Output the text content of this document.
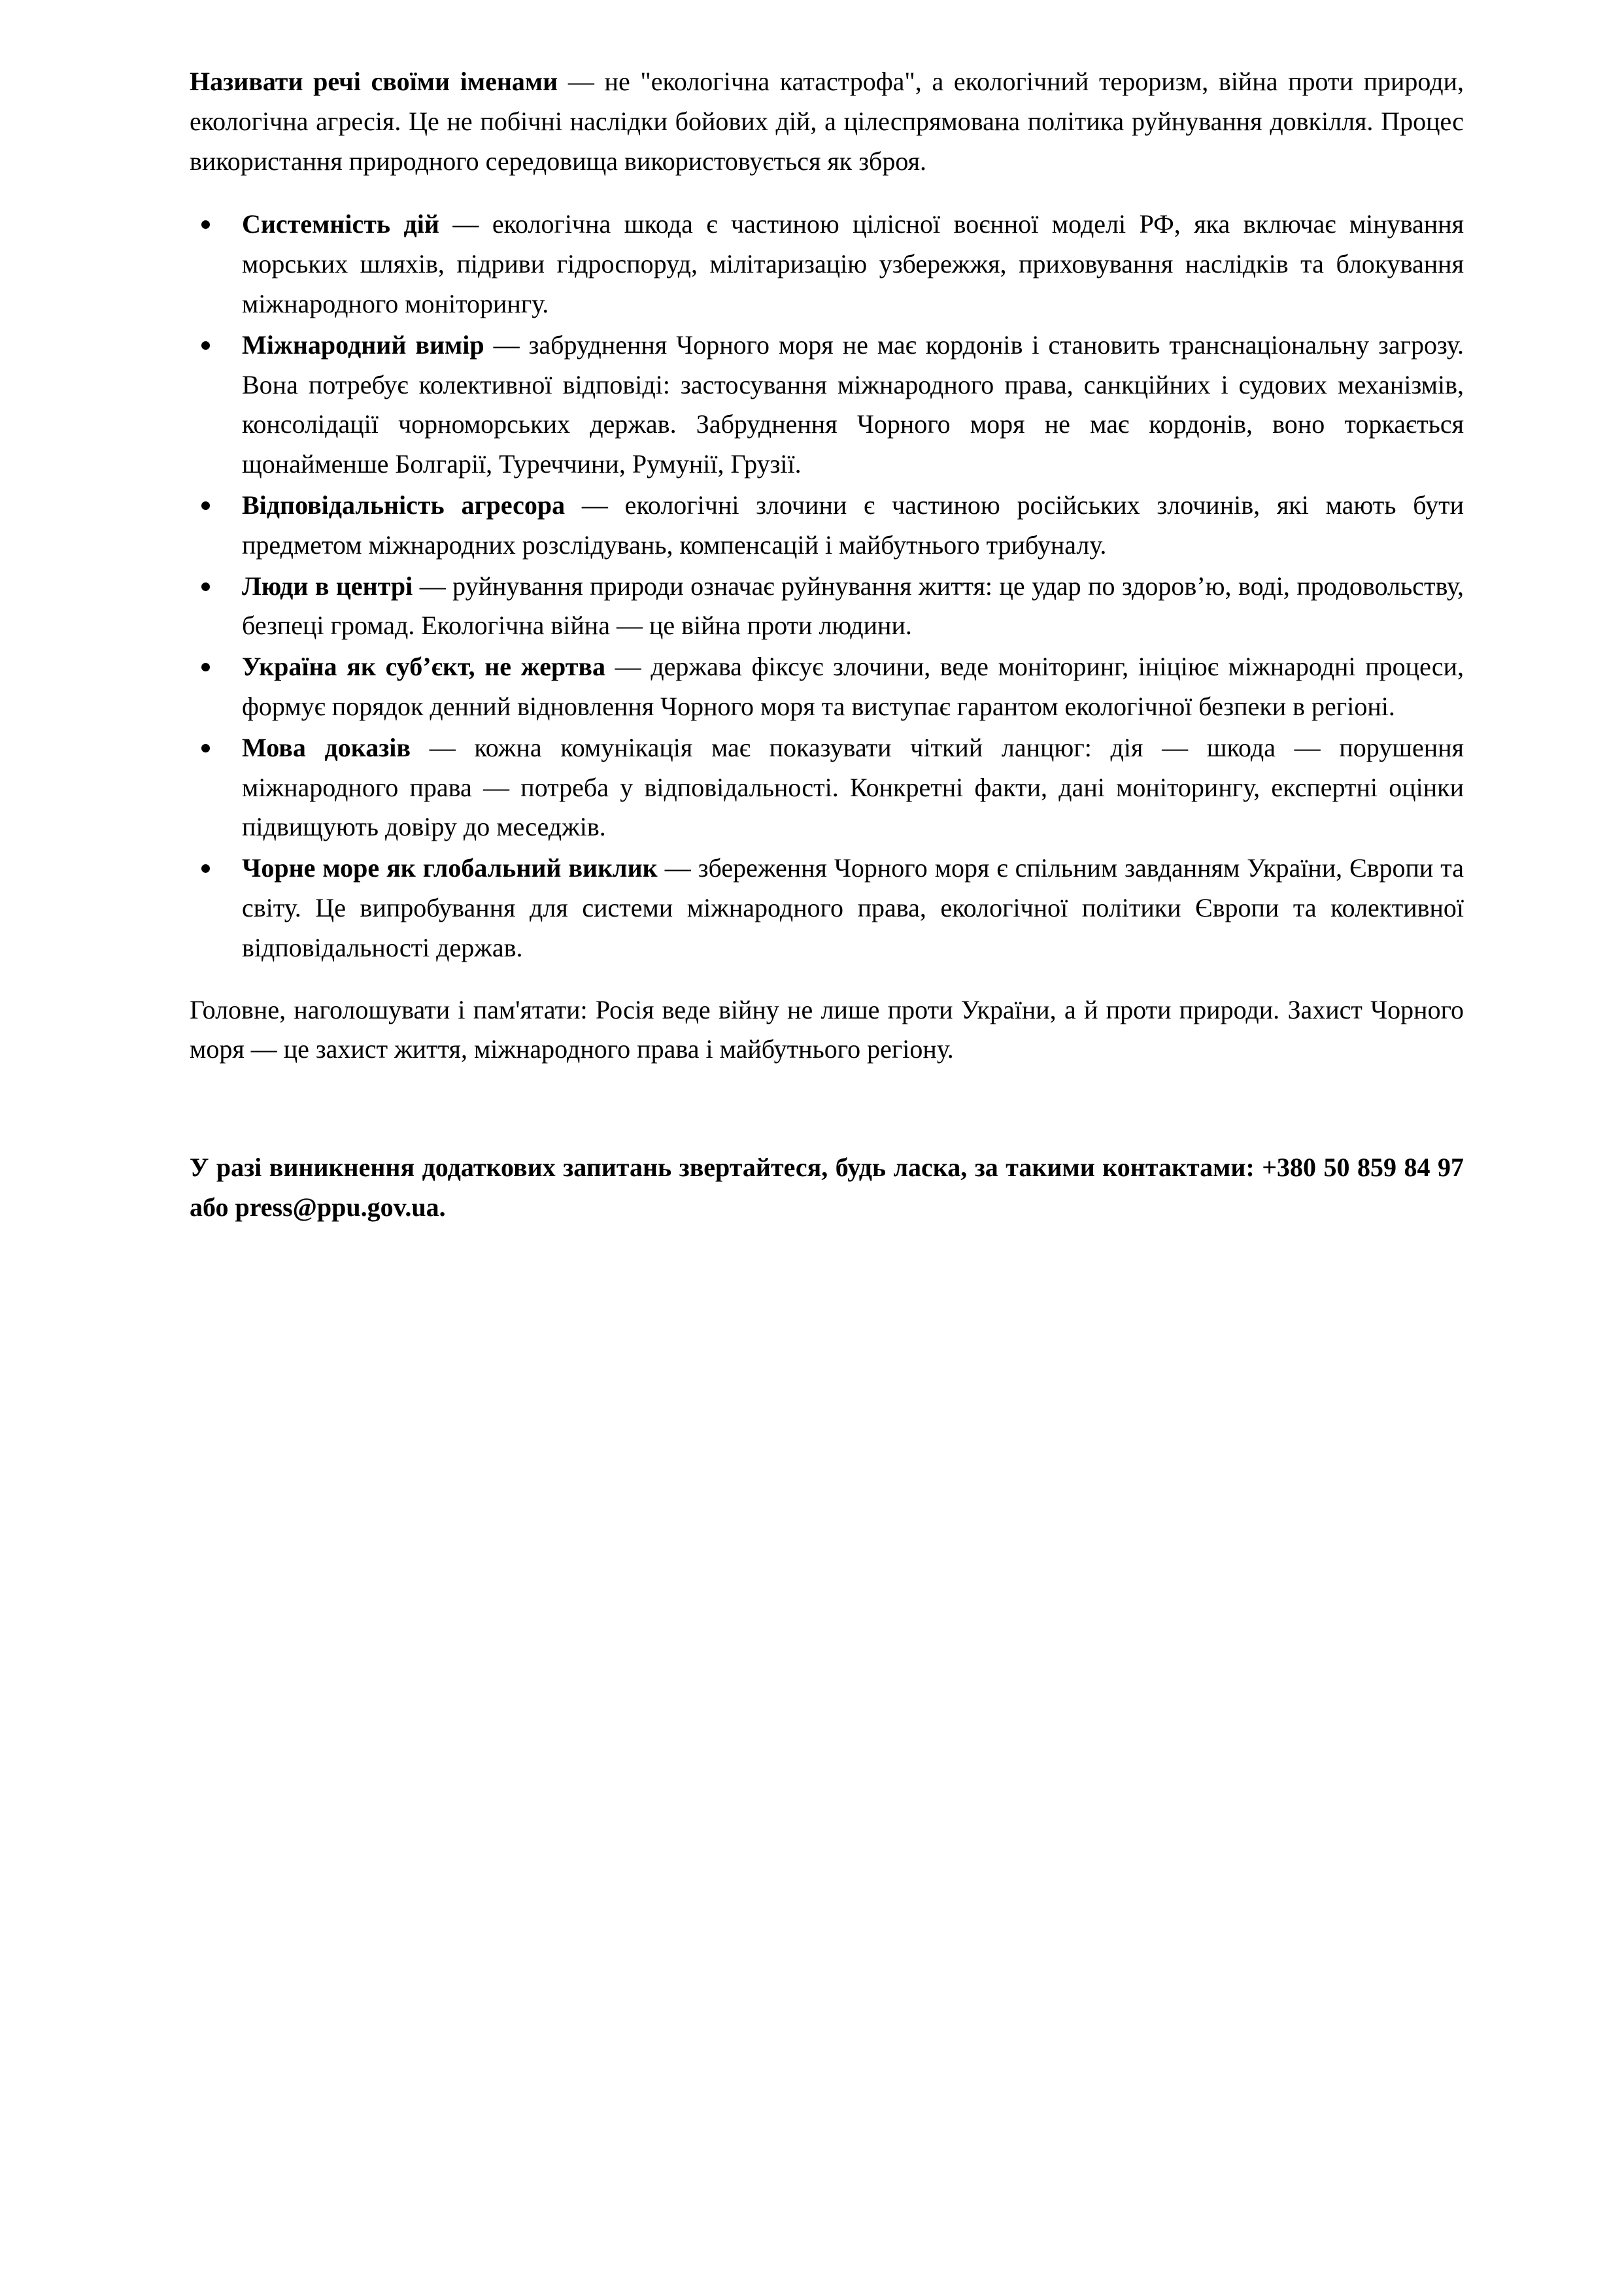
Називати речі своїми іменами — не "екологічна катастрофа", а екологічний тероризм, війна проти природи, екологічна агресія. Це не побічні наслідки бойових дій, а цілеспрямована політика руйнування довкілля. Процес використання природного середовища використовується як зброя.

Системність дій — екологічна шкода є частиною цілісної воєнної моделі РФ, яка включає мінування морських шляхів, підриви гідроспоруд, мілітаризацію узбережжя, приховування наслідків та блокування міжнародного моніторингу.
Міжнародний вимір — забруднення Чорного моря не має кордонів і становить транснаціональну загрозу. Вона потребує колективної відповіді: застосування міжнародного права, санкційних і судових механізмів, консолідації чорноморських держав. Забруднення Чорного моря не має кордонів, воно торкається щонайменше Болгарії, Туреччини, Румунії, Грузії.
Відповідальність агресора — екологічні злочини є частиною російських злочинів, які мають бути предметом міжнародних розслідувань, компенсацій і майбутнього трибуналу.
Люди в центрі — руйнування природи означає руйнування життя: це удар по здоров’ю, воді, продовольству, безпеці громад. Екологічна війна — це війна проти людини.
Україна як суб’єкт, не жертва — держава фіксує злочини, веде моніторинг, ініціює міжнародні процеси, формує порядок денний відновлення Чорного моря та виступає гарантом екологічної безпеки в регіоні.
Мова доказів — кожна комунікація має показувати чіткий ланцюг: дія — шкода — порушення міжнародного права — потреба у відповідальності. Конкретні факти, дані моніторингу, експертні оцінки підвищують довіру до меседжів.
Чорне море як глобальний виклик — збереження Чорного моря є спільним завданням України, Європи та світу. Це випробування для системи міжнародного права, екологічної політики Європи та колективної відповідальності держав.

Головне, наголошувати і пам'ятати: Росія веде війну не лише проти України, а й проти природи. Захист Чорного моря — це захист життя, міжнародного права і майбутнього регіону.

У разі виникнення додаткових запитань звертайтеся, будь ласка, за такими контактами: +380 50 859 84 97 або press@ppu.gov.ua.
